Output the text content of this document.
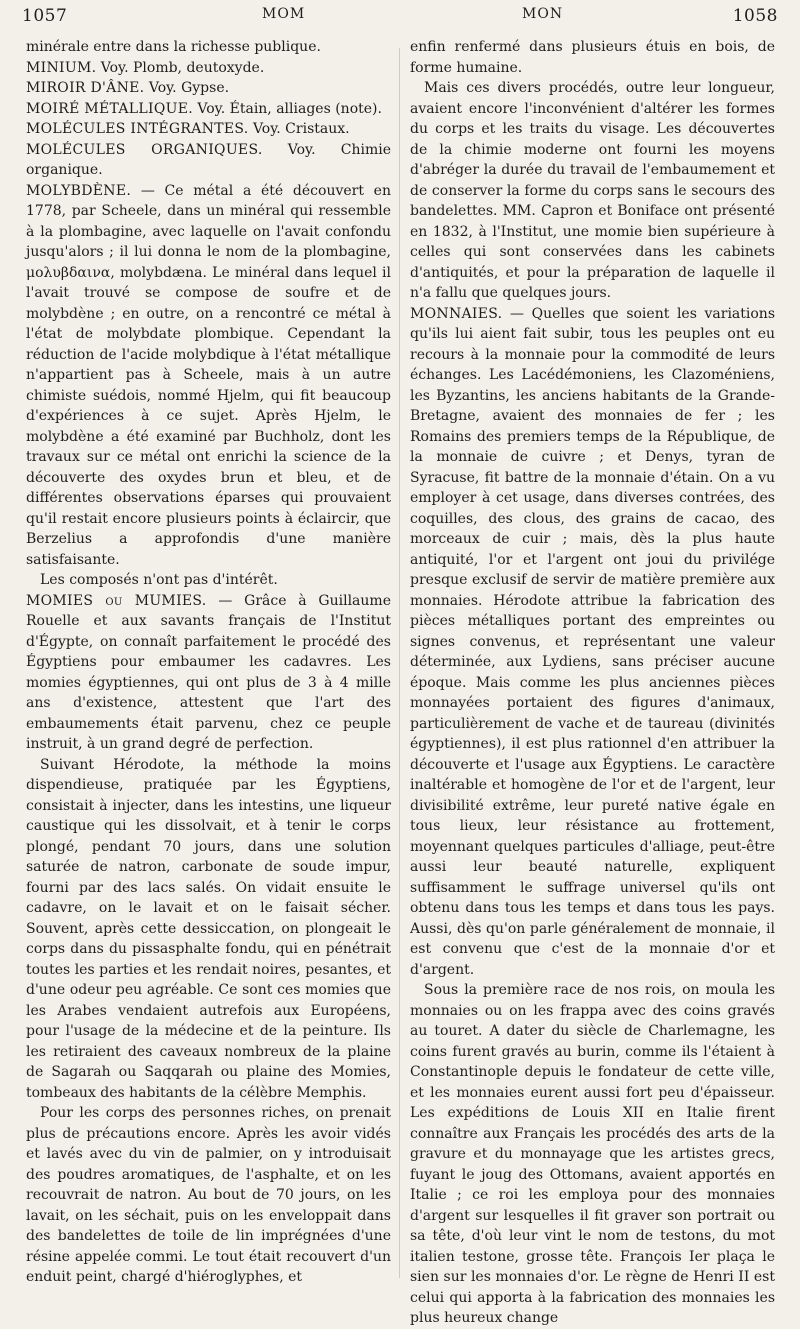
1057	MOM	MON	1058

minérale entre dans la richesse publique.

MINIUM. Voy. Plomb, deutoxyde.

MIROIR D'ÂNE. Voy. Gypse.

MOIRÉ MÉTALLIQUE. Voy. Étain, alliages (note).

MOLÉCULES INTÉGRANTES. Voy. Cristaux.

MOLÉCULES ORGANIQUES. Voy. Chimie organique.

MOLYBDÈNE. — Ce métal a été découvert en 1778, par Scheele, dans un minéral qui ressemble à la plombagine, avec laquelle on l'avait confondu jusqu'alors ; il lui donna le nom de la plombagine, μολυβδαινα, molybdæna. Le minéral dans lequel il l'avait trouvé se compose de soufre et de molybdène ; en outre, on a rencontré ce métal à l'état de molybdate plombique. Cependant la réduction de l'acide molybdique à l'état métallique n'appartient pas à Scheele, mais à un autre chimiste suédois, nommé Hjelm, qui fit beaucoup d'expériences à ce sujet. Après Hjelm, le molybdène a été examiné par Buchholz, dont les travaux sur ce métal ont enrichi la science de la découverte des oxydes brun et bleu, et de différentes observations éparses qui prouvaient qu'il restait encore plusieurs points à éclaircir, que Berzelius a approfondis d'une manière satisfaisante.

Les composés n'ont pas d'intérêt.

MOMIES ou MUMIES. — Grâce à Guillaume Rouelle et aux savants français de l'Institut d'Égypte, on connaît parfaitement le procédé des Égyptiens pour embaumer les cadavres. Les momies égyptiennes, qui ont plus de 3 à 4 mille ans d'existence, attestent que l'art des embaumements était parvenu, chez ce peuple instruit, à un grand degré de perfection.

Suivant Hérodote, la méthode la moins dispendieuse, pratiquée par les Égyptiens, consistait à injecter, dans les intestins, une liqueur caustique qui les dissolvait, et à tenir le corps plongé, pendant 70 jours, dans une solution saturée de natron, carbonate de soude impur, fourni par des lacs salés. On vidait ensuite le cadavre, on le lavait et on le faisait sécher. Souvent, après cette dessiccation, on plongeait le corps dans du pissasphalte fondu, qui en pénétrait toutes les parties et les rendait noires, pesantes, et d'une odeur peu agréable. Ce sont ces momies que les Arabes vendaient autrefois aux Européens, pour l'usage de la médecine et de la peinture. Ils les retiraient des caveaux nombreux de la plaine de Sagarah ou Saqqarah ou plaine des Momies, tombeaux des habitants de la célèbre Memphis.

Pour les corps des personnes riches, on prenait plus de précautions encore. Après les avoir vidés et lavés avec du vin de palmier, on y introduisait des poudres aromatiques, de l'asphalte, et on les recouvrait de natron. Au bout de 70 jours, on les lavait, on les séchait, puis on les enveloppait dans des bandelettes de toile de lin imprégnées d'une résine appelée commi. Le tout était recouvert d'un enduit peint, chargé d'hiéroglyphes, et

enfin renfermé dans plusieurs étuis en bois, de forme humaine.

Mais ces divers procédés, outre leur longueur, avaient encore l'inconvénient d'altérer les formes du corps et les traits du visage. Les découvertes de la chimie moderne ont fourni les moyens d'abréger la durée du travail de l'embaumement et de conserver la forme du corps sans le secours des bandelettes. MM. Capron et Boniface ont présenté en 1832, à l'Institut, une momie bien supérieure à celles qui sont conservées dans les cabinets d'antiquités, et pour la préparation de laquelle il n'a fallu que quelques jours.

MONNAIES. — Quelles que soient les variations qu'ils lui aient fait subir, tous les peuples ont eu recours à la monnaie pour la commodité de leurs échanges. Les Lacédémoniens, les Clazoméniens, les Byzantins, les anciens habitants de la Grande-Bretagne, avaient des monnaies de fer ; les Romains des premiers temps de la République, de la monnaie de cuivre ; et Denys, tyran de Syracuse, fit battre de la monnaie d'étain. On a vu employer à cet usage, dans diverses contrées, des coquilles, des clous, des grains de cacao, des morceaux de cuir ; mais, dès la plus haute antiquité, l'or et l'argent ont joui du privilége presque exclusif de servir de matière première aux monnaies. Hérodote attribue la fabrication des pièces métalliques portant des empreintes ou signes convenus, et représentant une valeur déterminée, aux Lydiens, sans préciser aucune époque. Mais comme les plus anciennes pièces monnayées portaient des figures d'animaux, particulièrement de vache et de taureau (divinités égyptiennes), il est plus rationnel d'en attribuer la découverte et l'usage aux Égyptiens. Le caractère inaltérable et homogène de l'or et de l'argent, leur divisibilité extrême, leur pureté native égale en tous lieux, leur résistance au frottement, moyennant quelques particules d'alliage, peut-être aussi leur beauté naturelle, expliquent suffisamment le suffrage universel qu'ils ont obtenu dans tous les temps et dans tous les pays. Aussi, dès qu'on parle généralement de monnaie, il est convenu que c'est de la monnaie d'or et d'argent.

Sous la première race de nos rois, on moula les monnaies ou on les frappa avec des coins gravés au touret. A dater du siècle de Charlemagne, les coins furent gravés au burin, comme ils l'étaient à Constantinople depuis le fondateur de cette ville, et les monnaies eurent aussi fort peu d'épaisseur. Les expéditions de Louis XII en Italie firent connaître aux Français les procédés des arts de la gravure et du monnayage que les artistes grecs, fuyant le joug des Ottomans, avaient apportés en Italie ; ce roi les employa pour des monnaies d'argent sur lesquelles il fit graver son portrait ou sa tête, d'où leur vint le nom de testons, du mot italien testone, grosse tête. François Ier plaça le sien sur les monnaies d'or. Le règne de Henri II est celui qui apporta à la fabrication des monnaies les plus heureux change
